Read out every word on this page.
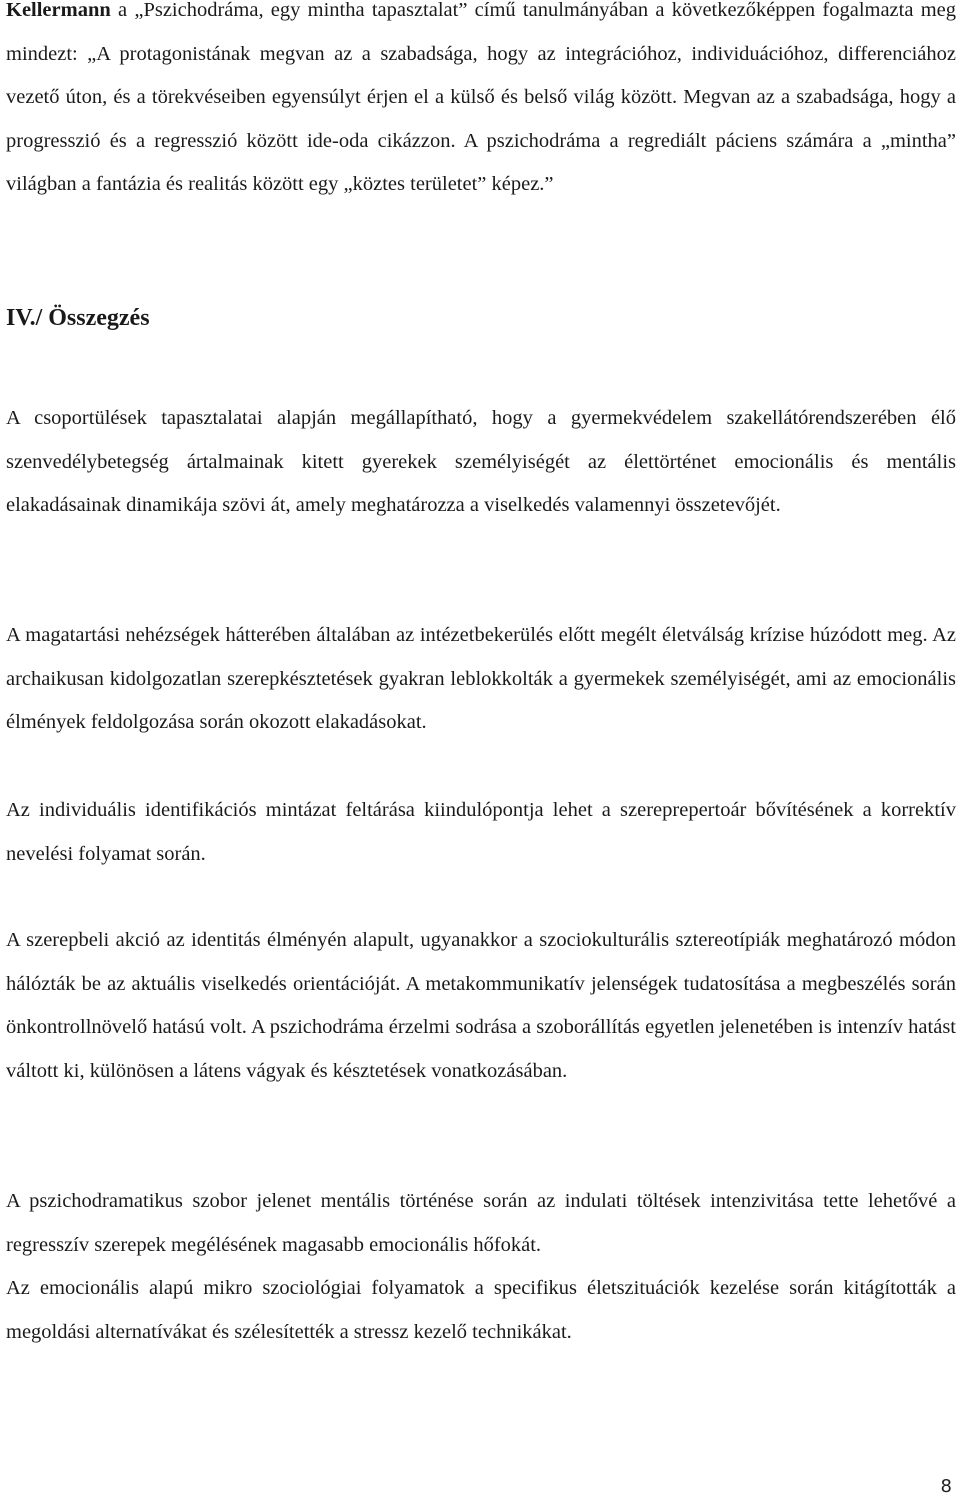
Kellermann a „Pszichodráma, egy mintha tapasztalat” című tanulmányában a következőképpen fogalmazta meg mindezt: „A protagonistának megvan az a szabadsága, hogy az integrációhoz, individuációhoz, differenciához vezető úton, és a törekvéseiben egyensúlyt érjen el a külső és belső világ között. Megvan az a szabadsága, hogy a progresszió és a regresszió között ide-oda cikázzon. A pszichodráma a regrediált páciens számára a „mintha” világban a fantázia és realitás között egy „köztes területet” képez.”

IV./ Összegzés

A csoportülések tapasztalatai alapján megállapítható, hogy a gyermekvédelem szakellátórendszerében élő szenvedélybetegség ártalmainak kitett gyerekek személyiségét az élettörténet emocionális és mentális elakadásainak dinamikája szövi át, amely meghatározza a viselkedés valamennyi összetevőjét.

A magatartási nehézségek hátterében általában az intézetbekerülés előtt megélt életválság krízise húzódott meg. Az archaikusan kidolgozatlan szerepkésztetések gyakran leblokkolták a gyermekek személyiségét, ami az emocionális élmények feldolgozása során okozott elakadásokat.

Az individuális identifikációs mintázat feltárása kiindulópontja lehet a szereprepertoár bővítésének a korrektív nevelési folyamat során.

A szerepbeli akció az identitás élményén alapult, ugyanakkor a szociokulturális sztereotípiák meghatározó módon hálózták be az aktuális viselkedés orientációját. A metakommunikatív jelenségek tudatosítása a megbeszélés során önkontrollnövelő hatású volt. A pszichodráma érzelmi sodrása a szoborállítás egyetlen jelenetében is intenzív hatást váltott ki, különösen a látens vágyak és késztetések vonatkozásában.

A pszichodramatikus szobor jelenet mentális történése során az indulati töltések intenzivitása tette lehetővé a regresszív szerepek megélésének magasabb emocionális hőfokát.

Az emocionális alapú mikro szociológiai folyamatok a specifikus életszituációk kezelése során kitágították a megoldási alternatívákat és szélesítették a stressz kezelő technikákat.

8
